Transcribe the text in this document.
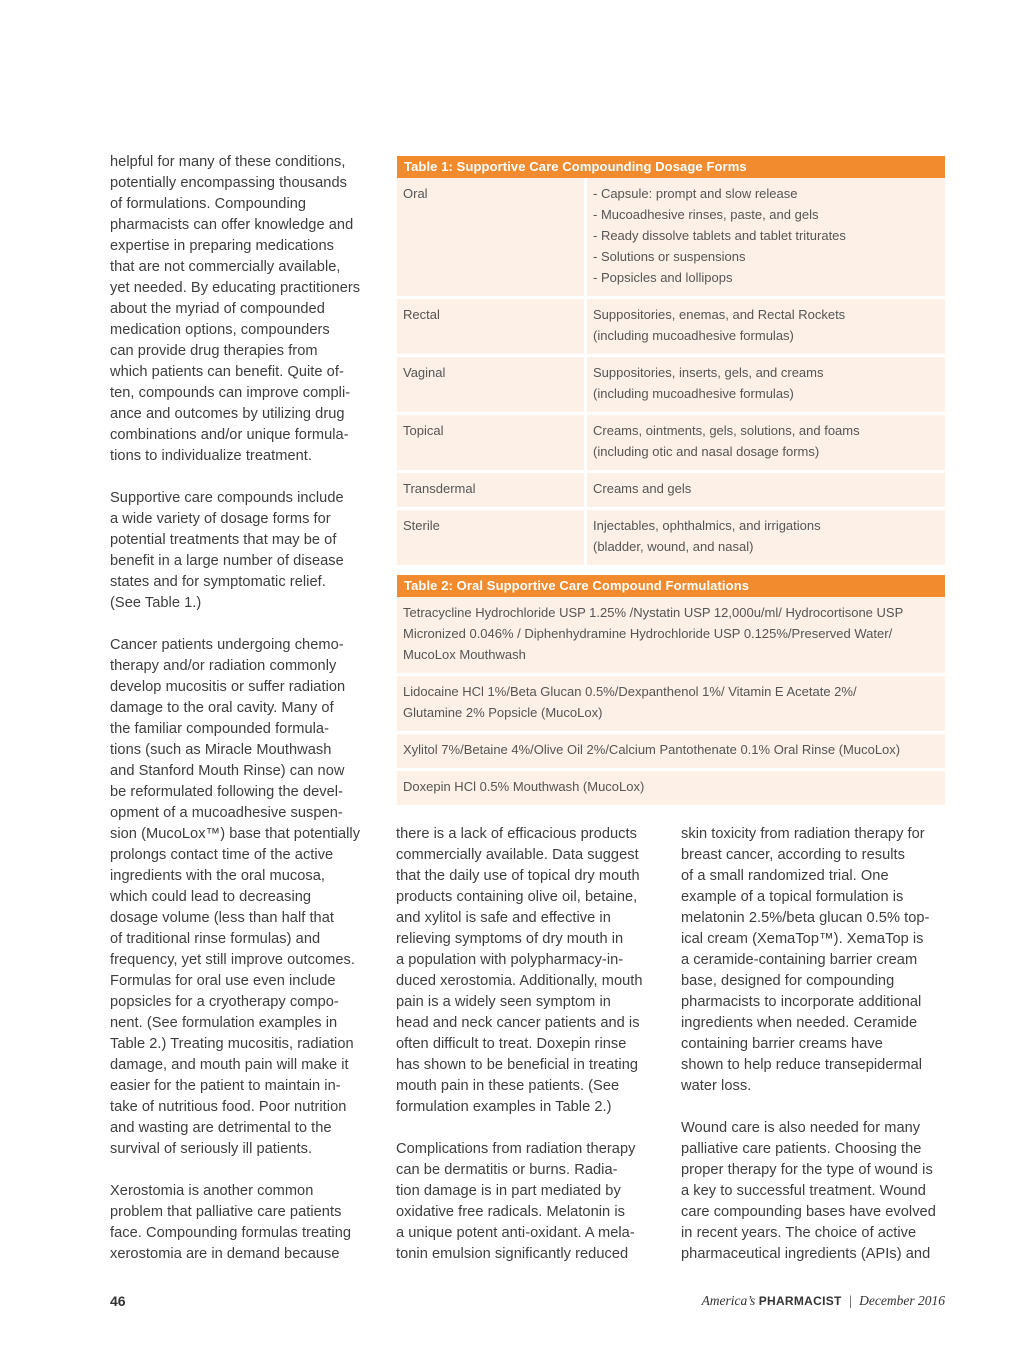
helpful for many of these conditions,
potentially encompassing thousands
of formulations. Compounding
pharmacists can offer knowledge and
expertise in preparing medications
that are not commercially available,
yet needed. By educating practitioners
about the myriad of compounded
medication options, compounders
can provide drug therapies from
which patients can benefit. Quite of-
ten, compounds can improve compli-
ance and outcomes by utilizing drug
combinations and/or unique formula-
tions to individualize treatment.
Supportive care compounds include
a wide variety of dosage forms for
potential treatments that may be of
benefit in a large number of disease
states and for symptomatic relief.
(See Table 1.)
Cancer patients undergoing chemo-
therapy and/or radiation commonly
develop mucositis or suffer radiation
damage to the oral cavity. Many of
the familiar compounded formula-
tions (such as Miracle Mouthwash
and Stanford Mouth Rinse) can now
be reformulated following the devel-
opment of a mucoadhesive suspen-
sion (MucoLox™) base that potentially
prolongs contact time of the active
ingredients with the oral mucosa,
which could lead to decreasing
dosage volume (less than half that
of traditional rinse formulas) and
frequency, yet still improve outcomes.
Formulas for oral use even include
popsicles for a cryotherapy compo-
nent. (See formulation examples in
Table 2.) Treating mucositis, radiation
damage, and mouth pain will make it
easier for the patient to maintain in-
take of nutritious food. Poor nutrition
and wasting are detrimental to the
survival of seriously ill patients.
Xerostomia is another common
problem that palliative care patients
face. Compounding formulas treating
xerostomia are in demand because
Table 1: Supportive Care Compounding Dosage Forms
Oral	- Capsule: prompt and slow release
- Mucoadhesive rinses, paste, and gels
- Ready dissolve tablets and tablet triturates
- Solutions or suspensions
- Popsicles and lollipops
Rectal	Suppositories, enemas, and Rectal Rockets
(including mucoadhesive formulas)
Vaginal	Suppositories, inserts, gels, and creams
(including mucoadhesive formulas)
Topical	Creams, ointments, gels, solutions, and foams
(including otic and nasal dosage forms)
Transdermal	Creams and gels
Sterile	Injectables, ophthalmics, and irrigations
(bladder, wound, and nasal)
Table 2: Oral Supportive Care Compound Formulations
Tetracycline Hydrochloride USP 1.25% /Nystatin USP 12,000u/ml/ Hydrocortisone USP
Micronized 0.046% / Diphenhydramine Hydrochloride USP 0.125%/Preserved Water/
MucoLox Mouthwash
Lidocaine HCl 1%/Beta Glucan 0.5%/Dexpanthenol 1%/ Vitamin E Acetate 2%/
Glutamine 2% Popsicle (MucoLox)
Xylitol 7%/Betaine 4%/Olive Oil 2%/Calcium Pantothenate 0.1% Oral Rinse (MucoLox)
Doxepin HCl 0.5% Mouthwash (MucoLox)
there is a lack of efficacious products
commercially available. Data suggest
that the daily use of topical dry mouth
products containing olive oil, betaine,
and xylitol is safe and effective in
relieving symptoms of dry mouth in
a population with polypharmacy-in-
duced xerostomia. Additionally, mouth
pain is a widely seen symptom in
head and neck cancer patients and is
often difficult to treat. Doxepin rinse
has shown to be beneficial in treating
mouth pain in these patients. (See
formulation examples in Table 2.)
Complications from radiation therapy
can be dermatitis or burns. Radia-
tion damage is in part mediated by
oxidative free radicals. Melatonin is
a unique potent anti-oxidant. A mela-
tonin emulsion significantly reduced
skin toxicity from radiation therapy for
breast cancer, according to results
of a small randomized trial. One
example of a topical formulation is
melatonin 2.5%/beta glucan 0.5% top-
ical cream (XemaTop™). XemaTop is
a ceramide-containing barrier cream
base, designed for compounding
pharmacists to incorporate additional
ingredients when needed. Ceramide
containing barrier creams have
shown to help reduce transepidermal
water loss.
Wound care is also needed for many
palliative care patients. Choosing the
proper therapy for the type of wound is
a key to successful treatment. Wound
care compounding bases have evolved
in recent years. The choice of active
pharmaceutical ingredients (APIs) and
46	America’s PHARMACIST | December 2016
